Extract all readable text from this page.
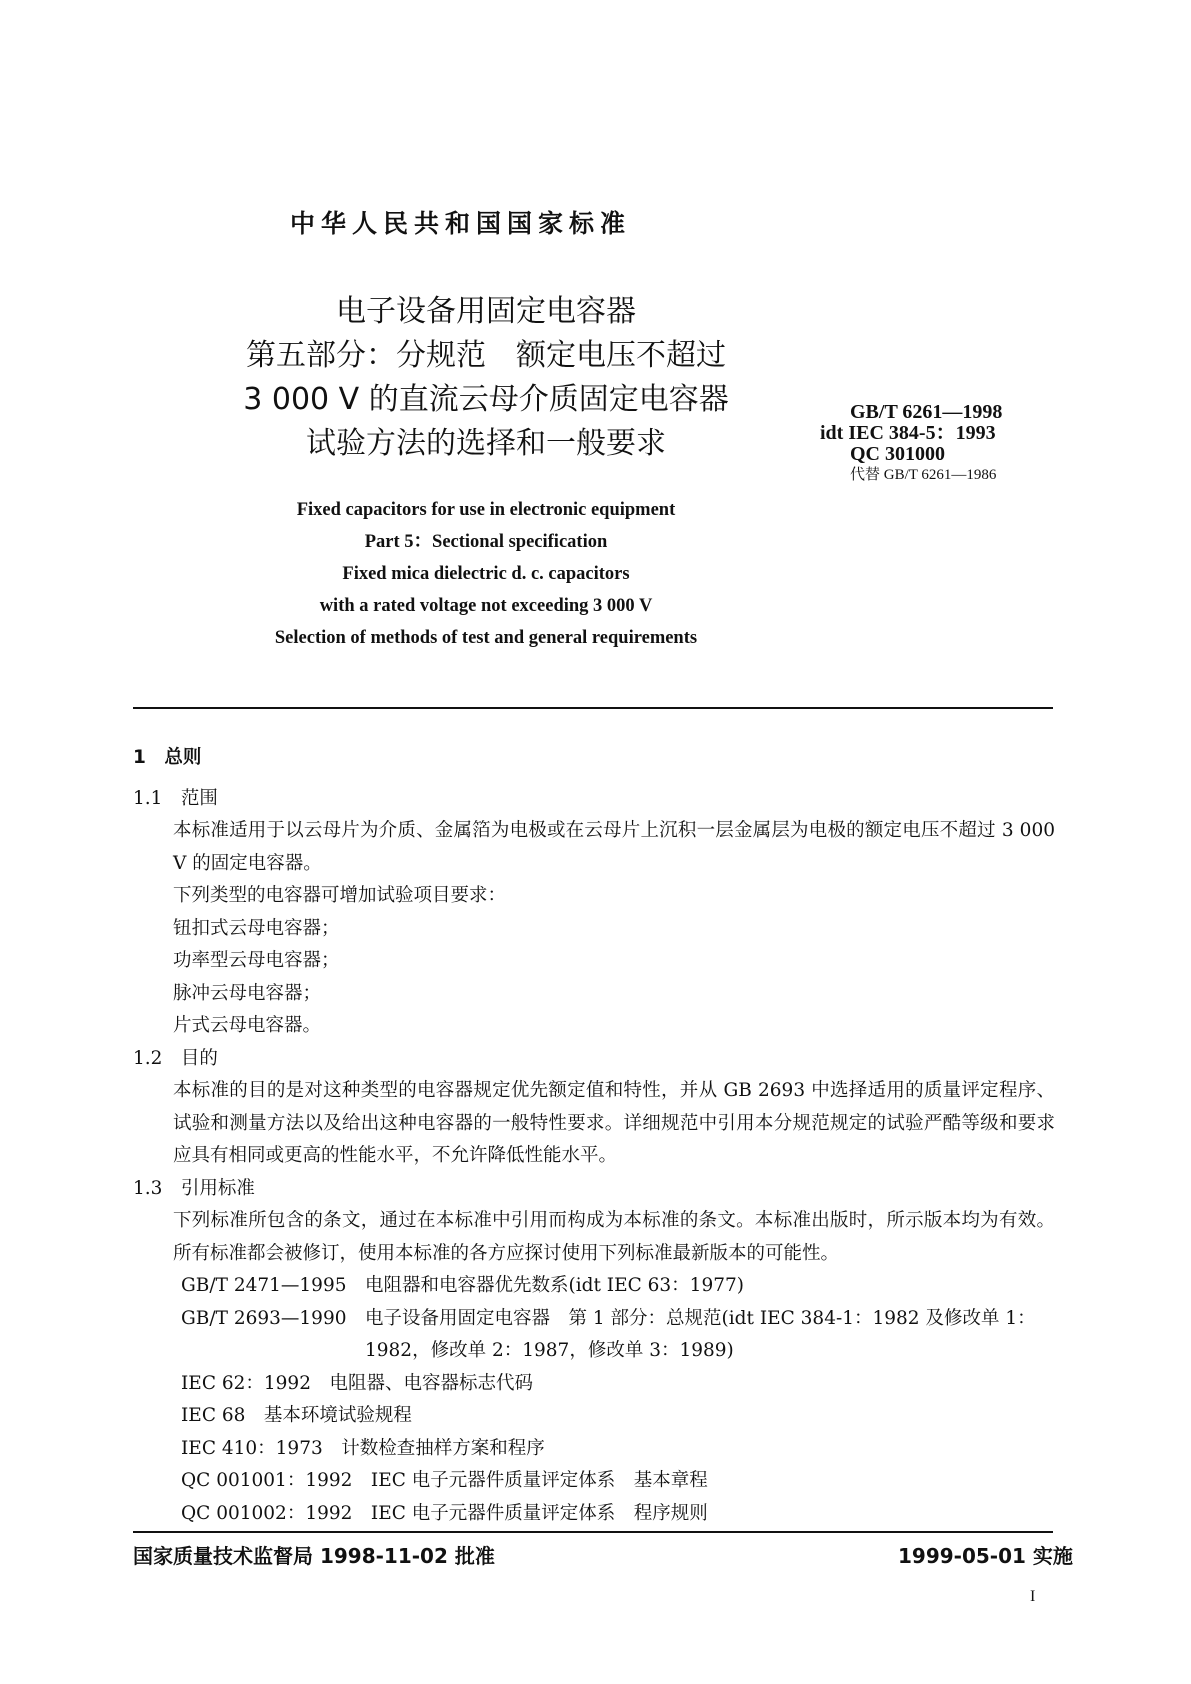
中华人民共和国国家标准
电子设备用固定电容器
第五部分：分规范　额定电压不超过
3 000 V 的直流云母介质固定电容器
试验方法的选择和一般要求
GB/T 6261—1998
idt IEC 384-5：1993
QC 301000
代替 GB/T 6261—1986
Fixed capacitors for use in electronic equipment
Part 5：Sectional specification
Fixed mica dielectric d. c. capacitors
with a rated voltage not exceeding 3 000 V
Selection of methods of test and general requirements

1　总则

1.1　范围

本标准适用于以云母片为介质、金属箔为电极或在云母片上沉积一层金属层为电极的额定电压不超过 3 000 V 的固定电容器。

下列类型的电容器可增加试验项目要求：

钮扣式云母电容器；

功率型云母电容器；

脉冲云母电容器；

片式云母电容器。

1.2　目的

本标准的目的是对这种类型的电容器规定优先额定值和特性，并从 GB 2693 中选择适用的质量评定程序、试验和测量方法以及给出这种电容器的一般特性要求。详细规范中引用本分规范规定的试验严酷等级和要求应具有相同或更高的性能水平，不允许降低性能水平。

1.3　引用标准

下列标准所包含的条文，通过在本标准中引用而构成为本标准的条文。本标准出版时，所示版本均为有效。所有标准都会被修订，使用本标准的各方应探讨使用下列标准最新版本的可能性。

GB/T 2471—1995　电阻器和电容器优先数系(idt IEC 63：1977)

GB/T 2693—1990　电子设备用固定电容器　第 1 部分：总规范(idt IEC 384-1：1982 及修改单 1：

1982，修改单 2：1987，修改单 3：1989)

IEC 62：1992　电阻器、电容器标志代码

IEC 68　基本环境试验规程

IEC 410：1973　计数检查抽样方案和程序

QC 001001：1992　IEC 电子元器件质量评定体系　基本章程

QC 001002：1992　IEC 电子元器件质量评定体系　程序规则

国家质量技术监督局 1998-11-02 批准	1999-05-01 实施
I
